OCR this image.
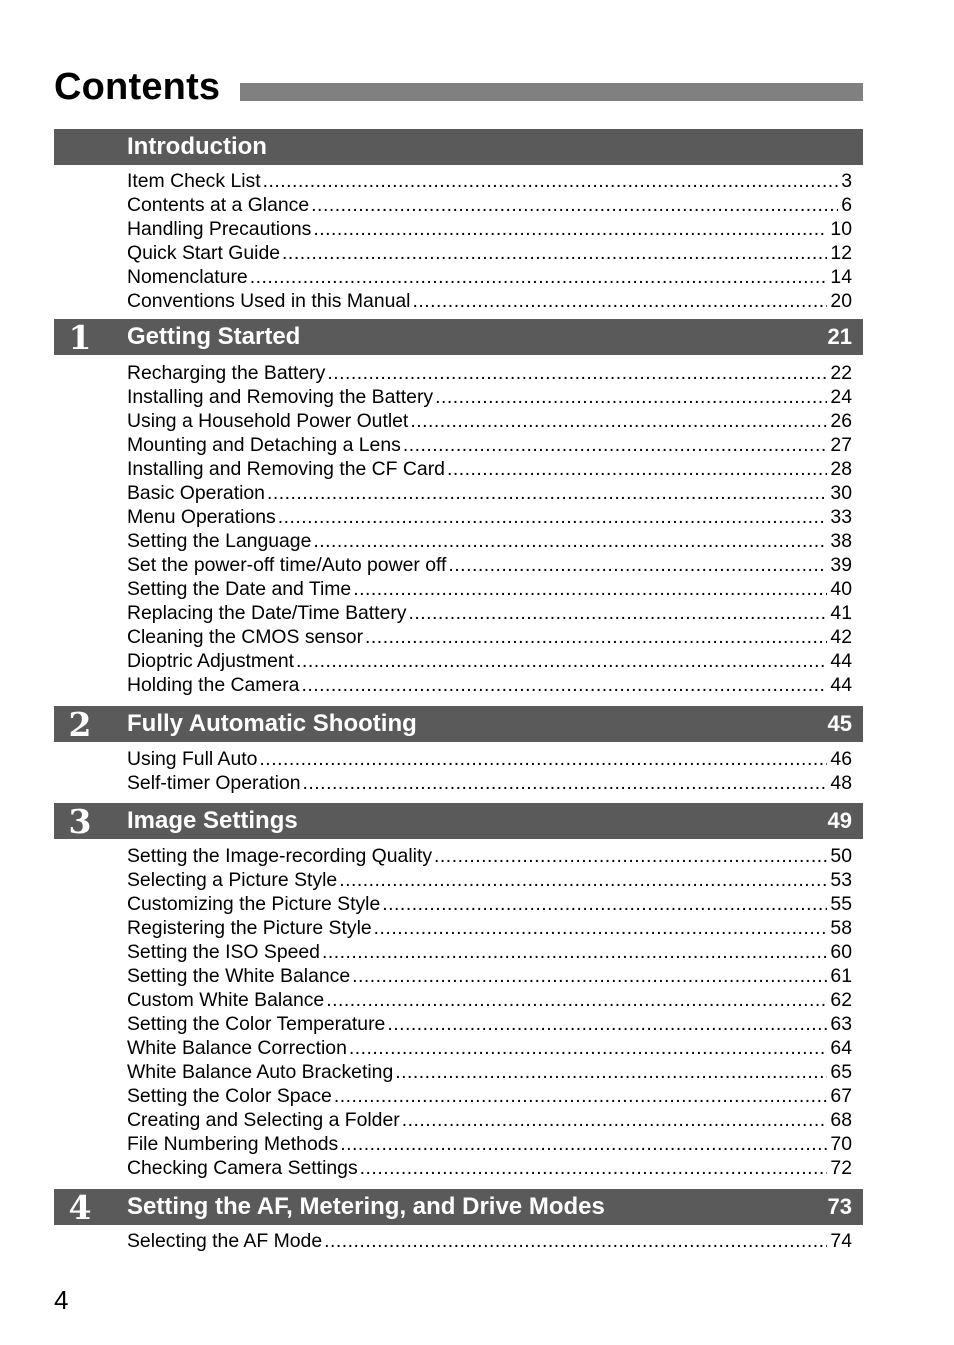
Contents
Introduction
Item Check List .....	3
Contents at a Glance .....	6
Handling Precautions .....	10
Quick Start Guide .....	12
Nomenclature .....	14
Conventions Used in this Manual .....	20
1	Getting Started	21
Recharging the Battery .....	22
Installing and Removing the Battery .....	24
Using a Household Power Outlet .....	26
Mounting and Detaching a Lens .....	27
Installing and Removing the CF Card .....	28
Basic Operation .....	30
Menu Operations .....	33
Setting the Language .....	38
Set the power-off time/Auto power off .....	39
Setting the Date and Time .....	40
Replacing the Date/Time Battery .....	41
Cleaning the CMOS sensor .....	42
Dioptric Adjustment .....	44
Holding the Camera .....	44
2	Fully Automatic Shooting	45
Using Full Auto .....	46
Self-timer Operation .....	48
3	Image Settings	49
Setting the Image-recording Quality .....	50
Selecting a Picture Style .....	53
Customizing the Picture Style .....	55
Registering the Picture Style .....	58
Setting the ISO Speed .....	60
Setting the White Balance .....	61
Custom White Balance .....	62
Setting the Color Temperature .....	63
White Balance Correction .....	64
White Balance Auto Bracketing .....	65
Setting the Color Space .....	67
Creating and Selecting a Folder .....	68
File Numbering Methods .....	70
Checking Camera Settings .....	72
4	Setting the AF, Metering, and Drive Modes	73
Selecting the AF Mode .....	74
4
